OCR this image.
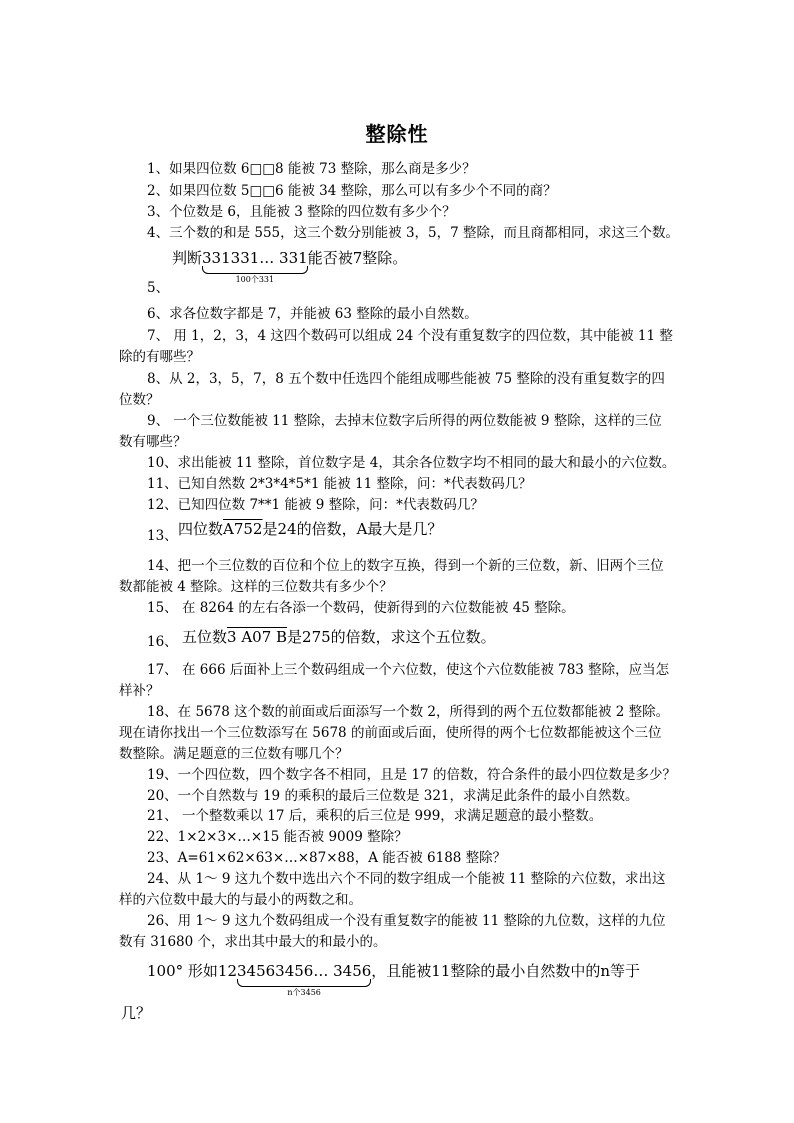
整除性
1、如果四位数 6□□8 能被 73 整除，那么商是多少？
2、如果四位数 5□□6 能被 34 整除，那么可以有多少个不同的商？
3、个位数是 6，且能被 3 整除的四位数有多少个？
4、三个数的和是 555，这三个数分别能被 3，5，7 整除，而且商都相同，求这三个数。
判断331331… 331
100个331
能否被7整除。
5、
6、求各位数字都是 7，并能被 63 整除的最小自然数。
7、 用 1，2，3，4 这四个数码可以组成 24 个没有重复数字的四位数，其中能被 11 整
除的有哪些？
8、从 2，3，5，7，8 五个数中任选四个能组成哪些能被 75 整除的没有重复数字的四
位数？
9、 一个三位数能被 11 整除，去掉末位数字后所得的两位数能被 9 整除，这样的三位
数有哪些？
10、求出能被 11 整除，首位数字是 4，其余各位数字均不相同的最大和最小的六位数。
11、已知自然数 2*3*4*5*1 能被 11 整除，问：*代表数码几？
12、已知四位数 7**1 能被 9 整除，问：*代表数码几？
13、 四位数A752是24的倍数，A最大是几？
14、把一个三位数的百位和个位上的数字互换，得到一个新的三位数，新、旧两个三位
数都能被 4 整除。这样的三位数共有多少个？
15、 在 8264 的左右各添一个数码，使新得到的六位数能被 45 整除。
16、 五位数3 A07 B是275的倍数，求这个五位数。
17、 在 666 后面补上三个数码组成一个六位数，使这个六位数能被 783 整除，应当怎
样补？
18、在 5678 这个数的前面或后面添写一个数 2，所得到的两个五位数都能被 2 整除。
现在请你找出一个三位数添写在 5678 的前面或后面，使所得的两个七位数都能被这个三位
数整除。满足题意的三位数有哪几个？
19、一个四位数，四个数字各不相同，且是 17 的倍数，符合条件的最小四位数是多少？
20、一个自然数与 19 的乘积的最后三位数是 321，求满足此条件的最小自然数。
21、 一个整数乘以 17 后，乘积的后三位是 999，求满足题意的最小整数。
22、1×2×3×…×15 能否被 9009 整除？
23、A=61×62×63×…×87×88，A 能否被 6188 整除？
24、从 1～ 9 这九个数中选出六个不同的数字组成一个能被 11 整除的六位数，求出这
样的六位数中最大的与最小的两数之和。
26、用 1～ 9 这九个数码组成一个没有重复数字的能被 11 整除的九位数，这样的九位
数有 31680 个，求出其中最大的和最小的。
100° 形如1234563456… 3456
n个3456
，且能被11整除的最小自然数中的n等于
几？
